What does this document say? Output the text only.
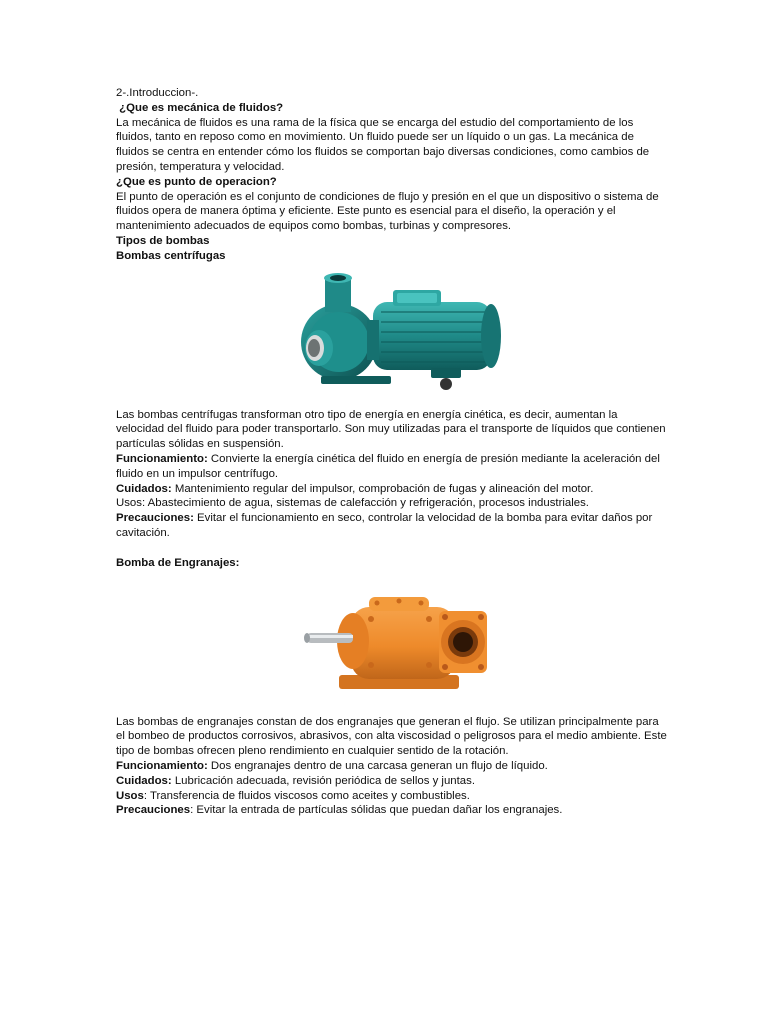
2-.Introduccion-.

¿Que es mecánica de fluidos?

La mecánica de fluidos es una rama de la física que se encarga del estudio del comportamiento de los fluidos, tanto en reposo como en movimiento. Un fluido puede ser un líquido o un gas. La mecánica de fluidos se centra en entender cómo los fluidos se comportan bajo diversas condiciones, como cambios de presión, temperatura y velocidad.

¿Que es punto de operacion?

El punto de operación es el conjunto de condiciones de flujo y presión en el que un dispositivo o sistema de fluidos opera de manera óptima y eficiente. Este punto es esencial para el diseño, la operación y el mantenimiento adecuados de equipos como bombas, turbinas y compresores.

Tipos de bombas

Bombas centrífugas

Las bombas centrífugas transforman otro tipo de energía en energía cinética, es decir, aumentan la velocidad del fluido para poder transportarlo. Son muy utilizadas para el transporte de líquidos que contienen partículas sólidas en suspensión.

Funcionamiento: Convierte la energía cinética del fluido en energía de presión mediante la aceleración del fluido en un impulsor centrífugo.

Cuidados: Mantenimiento regular del impulsor, comprobación de fugas y alineación del motor.

Usos: Abastecimiento de agua, sistemas de calefacción y refrigeración, procesos industriales.

Precauciones: Evitar el funcionamiento en seco, controlar la velocidad de la bomba para evitar daños por cavitación.

Bomba de Engranajes:

Las bombas de engranajes constan de dos engranajes que generan el flujo. Se utilizan principalmente para el bombeo de productos corrosivos, abrasivos, con alta viscosidad o peligrosos para el medio ambiente. Este tipo de bombas ofrecen pleno rendimiento en cualquier sentido de la rotación.

Funcionamiento: Dos engranajes dentro de una carcasa generan un flujo de líquido.

Cuidados: Lubricación adecuada, revisión periódica de sellos y juntas.

Usos: Transferencia de fluidos viscosos como aceites y combustibles.

Precauciones: Evitar la entrada de partículas sólidas que puedan dañar los engranajes.
